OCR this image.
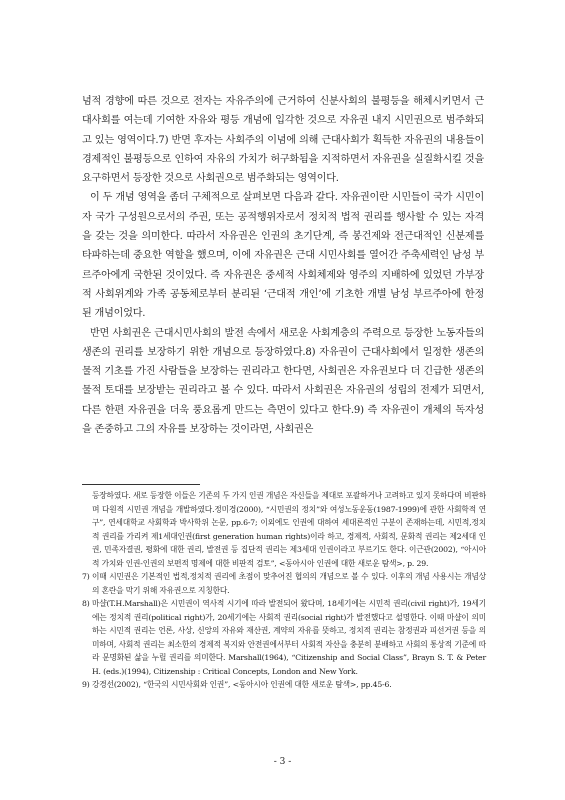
념적 경향에 따른 것으로 전자는 자유주의에 근거하여 신분사회의 불평등을 해체시키면서 근대사회를 여는데 기여한 자유와 평등 개념에 입각한 것으로 자유권 내지 시민권으로 범주화되고 있는 영역이다.7) 반면 후자는 사회주의 이념에 의해 근대사회가 획득한 자유권의 내용들이 경제적인 불평등으로 인하여 자유의 가치가 허구화됨을 지적하면서 자유권을 실질화시킬 것을 요구하면서 등장한 것으로 사회권으로 범주화되는 영역이다.

이 두 개념 영역을 좀더 구체적으로 살펴보면 다음과 같다. 자유권이란 시민들이 국가 시민이자 국가 구성원으로서의 주권, 또는 공적행위자로서 정치적 법적 권리를 행사할 수 있는 자격을 갖는 것을 의미한다. 따라서 자유권은 인권의 초기단계, 즉 봉건제와 전근대적인 신분제를 타파하는데 중요한 역할을 했으며, 이에 자유권은 근대 시민사회를 열어간 주축세력인 남성 부르주아에게 국한된 것이었다. 즉 자유권은 중세적 사회체제와 영주의 지배하에 있었던 가부장적 사회위계와 가족 공동체로부터 분리된 ‘근대적 개인’에 기초한 개별 남성 부르주아에 한정된 개념이었다.

반면 사회권은 근대시민사회의 발전 속에서 새로운 사회계층의 주력으로 등장한 노동자들의 생존의 권리를 보장하기 위한 개념으로 등장하였다.8) 자유권이 근대사회에서 일정한 생존의 물적 기초를 가진 사람들을 보장하는 권리라고 한다면, 사회권은 자유권보다 더 긴급한 생존의 물적 토대를 보장받는 권리라고 볼 수 있다. 따라서 사회권은 자유권의 성립의 전제가 되면서, 다른 한편 자유권을 더욱 풍요롭게 만드는 측면이 있다고 한다.9) 즉 자유권이 개체의 독자성을 존중하고 그의 자유를 보장하는 것이라면, 사회권은

등장하였다. 새로 등장한 이들은 기존의 두 가지 인권 개념은 자신들을 제대로 포괄하거나 고려하고 있지 못하다며 비판하며 다원적 시민권 개념을 개발하였다.정미경(2000), “시민권의 정치”와 여성노동운동(1987-1999)에 관한 사회학적 연구”, 연세대학교 사회학과 박사학위 논문, pp.6-7; 이외에도 인권에 대하여 세대론적인 구분이 존재하는데, 시민적,정치적 권리를 가리켜 제1세대인권(first generation human rights)이라 하고, 경제적, 사회적, 문화적 권리는 제2세대 인권, 민족자결권, 평화에 대한 권리, 발전권 등 집단적 권리는 제3세대 인권이라고 부르기도 한다. 이근관(2002), “아시아적 가치와 인권-인권의 보편적 명제에 대한 비판적 검토”, <동아시아 인권에 대한 새로운 탐색>, p. 29.
7) 이때 시민권은 기본적인 법적,정치적 권리에 초점이 맞추어진 협의의 개념으로 볼 수 있다. 이후의 개념 사용시는 개념상의 혼란을 막기 위해 자유권으로 지칭한다.
8) 마샬(T.H.Marshall)은 시민권이 역사적 시기에 따라 발전되어 왔다며, 18세기에는 시민적 권리(civil right)가, 19세기에는 정치적 권리(political right)가, 20세기에는 사회적 권리(social right)가 발전했다고 설명한다. 이때 마샬이 의미하는 시민적 권리는 언론, 사상, 신앙의 자유와 재산권, 계약의 자유를 뜻하고, 정치적 권리는 참정권과 피선거권 등을 의미하며, 사회적 권리는 최소한의 경제적 복지와 안전권에서부터 사회적 자산을 충분히 분배하고 사회의 통상적 기준에 따라 문명화된 삶을 누릴 권리를 의미한다. Marshall(1964), “Citizenship and Social Class”, Brayn S. T. & Peter H. (eds.)(1994), Citizenship : Critical Concepts, London and New York.
9) 강경선(2002), “한국의 시민사회와 인권”, <동아시아 인권에 대한 새로운 탐색>, pp.45-6.
- 3 -
